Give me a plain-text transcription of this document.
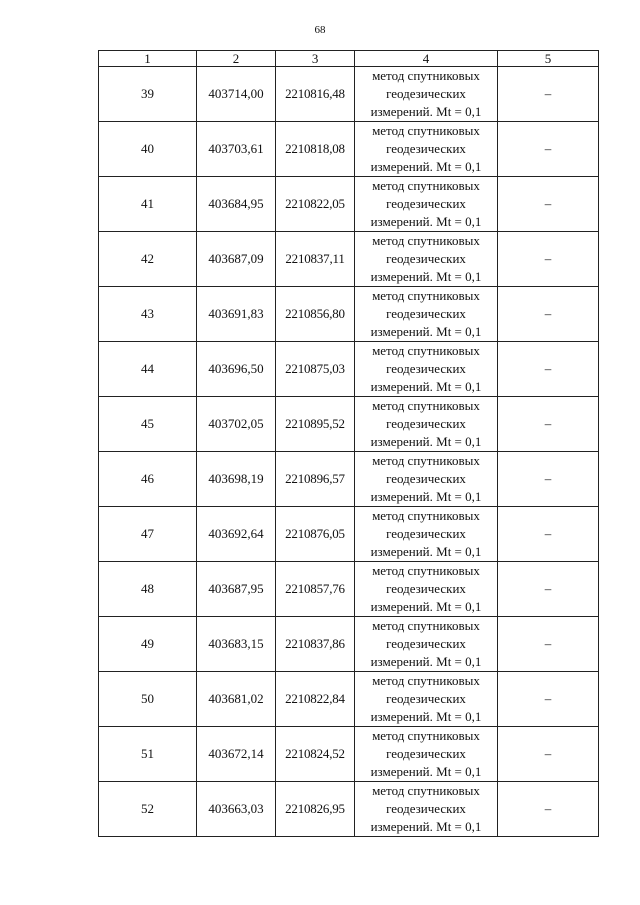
68
1	2	3	4	5
39	403714,00	2210816,48	метод спутниковых
геодезических
измерений. Mt = 0,1	–
40	403703,61	2210818,08	метод спутниковых
геодезических
измерений. Mt = 0,1	–
41	403684,95	2210822,05	метод спутниковых
геодезических
измерений. Mt = 0,1	–
42	403687,09	2210837,11	метод спутниковых
геодезических
измерений. Mt = 0,1	–
43	403691,83	2210856,80	метод спутниковых
геодезических
измерений. Mt = 0,1	–
44	403696,50	2210875,03	метод спутниковых
геодезических
измерений. Mt = 0,1	–
45	403702,05	2210895,52	метод спутниковых
геодезических
измерений. Mt = 0,1	–
46	403698,19	2210896,57	метод спутниковых
геодезических
измерений. Mt = 0,1	–
47	403692,64	2210876,05	метод спутниковых
геодезических
измерений. Mt = 0,1	–
48	403687,95	2210857,76	метод спутниковых
геодезических
измерений. Mt = 0,1	–
49	403683,15	2210837,86	метод спутниковых
геодезических
измерений. Mt = 0,1	–
50	403681,02	2210822,84	метод спутниковых
геодезических
измерений. Mt = 0,1	–
51	403672,14	2210824,52	метод спутниковых
геодезических
измерений. Mt = 0,1	–
52	403663,03	2210826,95	метод спутниковых
геодезических
измерений. Mt = 0,1	–
